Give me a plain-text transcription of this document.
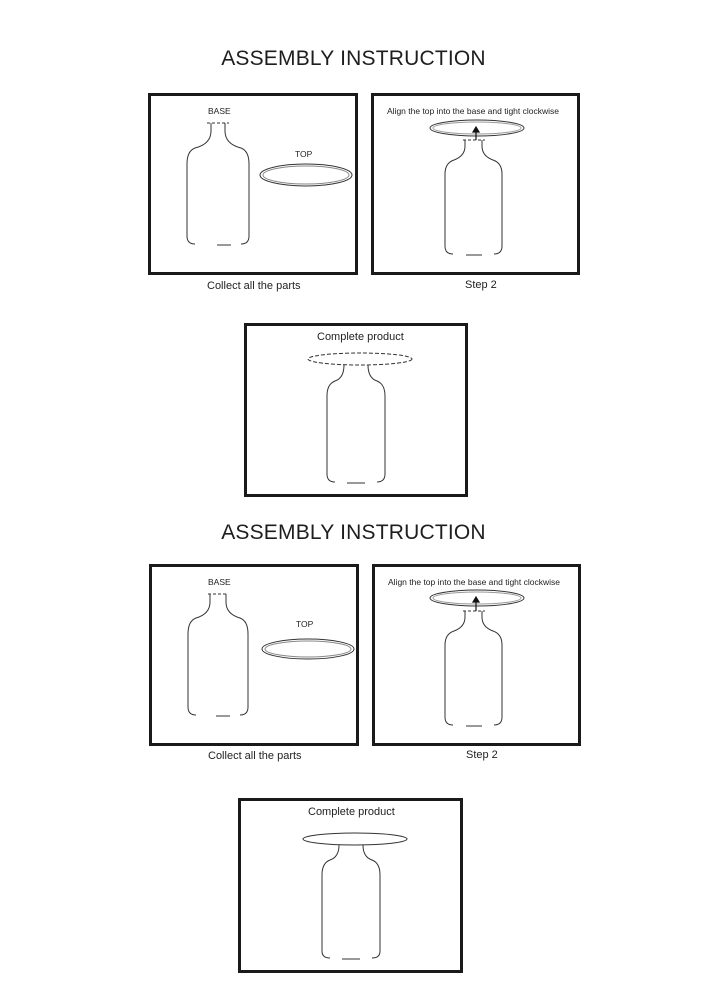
ASSEMBLY INSTRUCTION
BASE
TOP
Collect all the parts
Align the top into the base and tight clockwise
Step 2
Complete product
ASSEMBLY INSTRUCTION
BASE
TOP
Collect all the parts
Align the top into the base and tight clockwise
Step 2
Complete product
